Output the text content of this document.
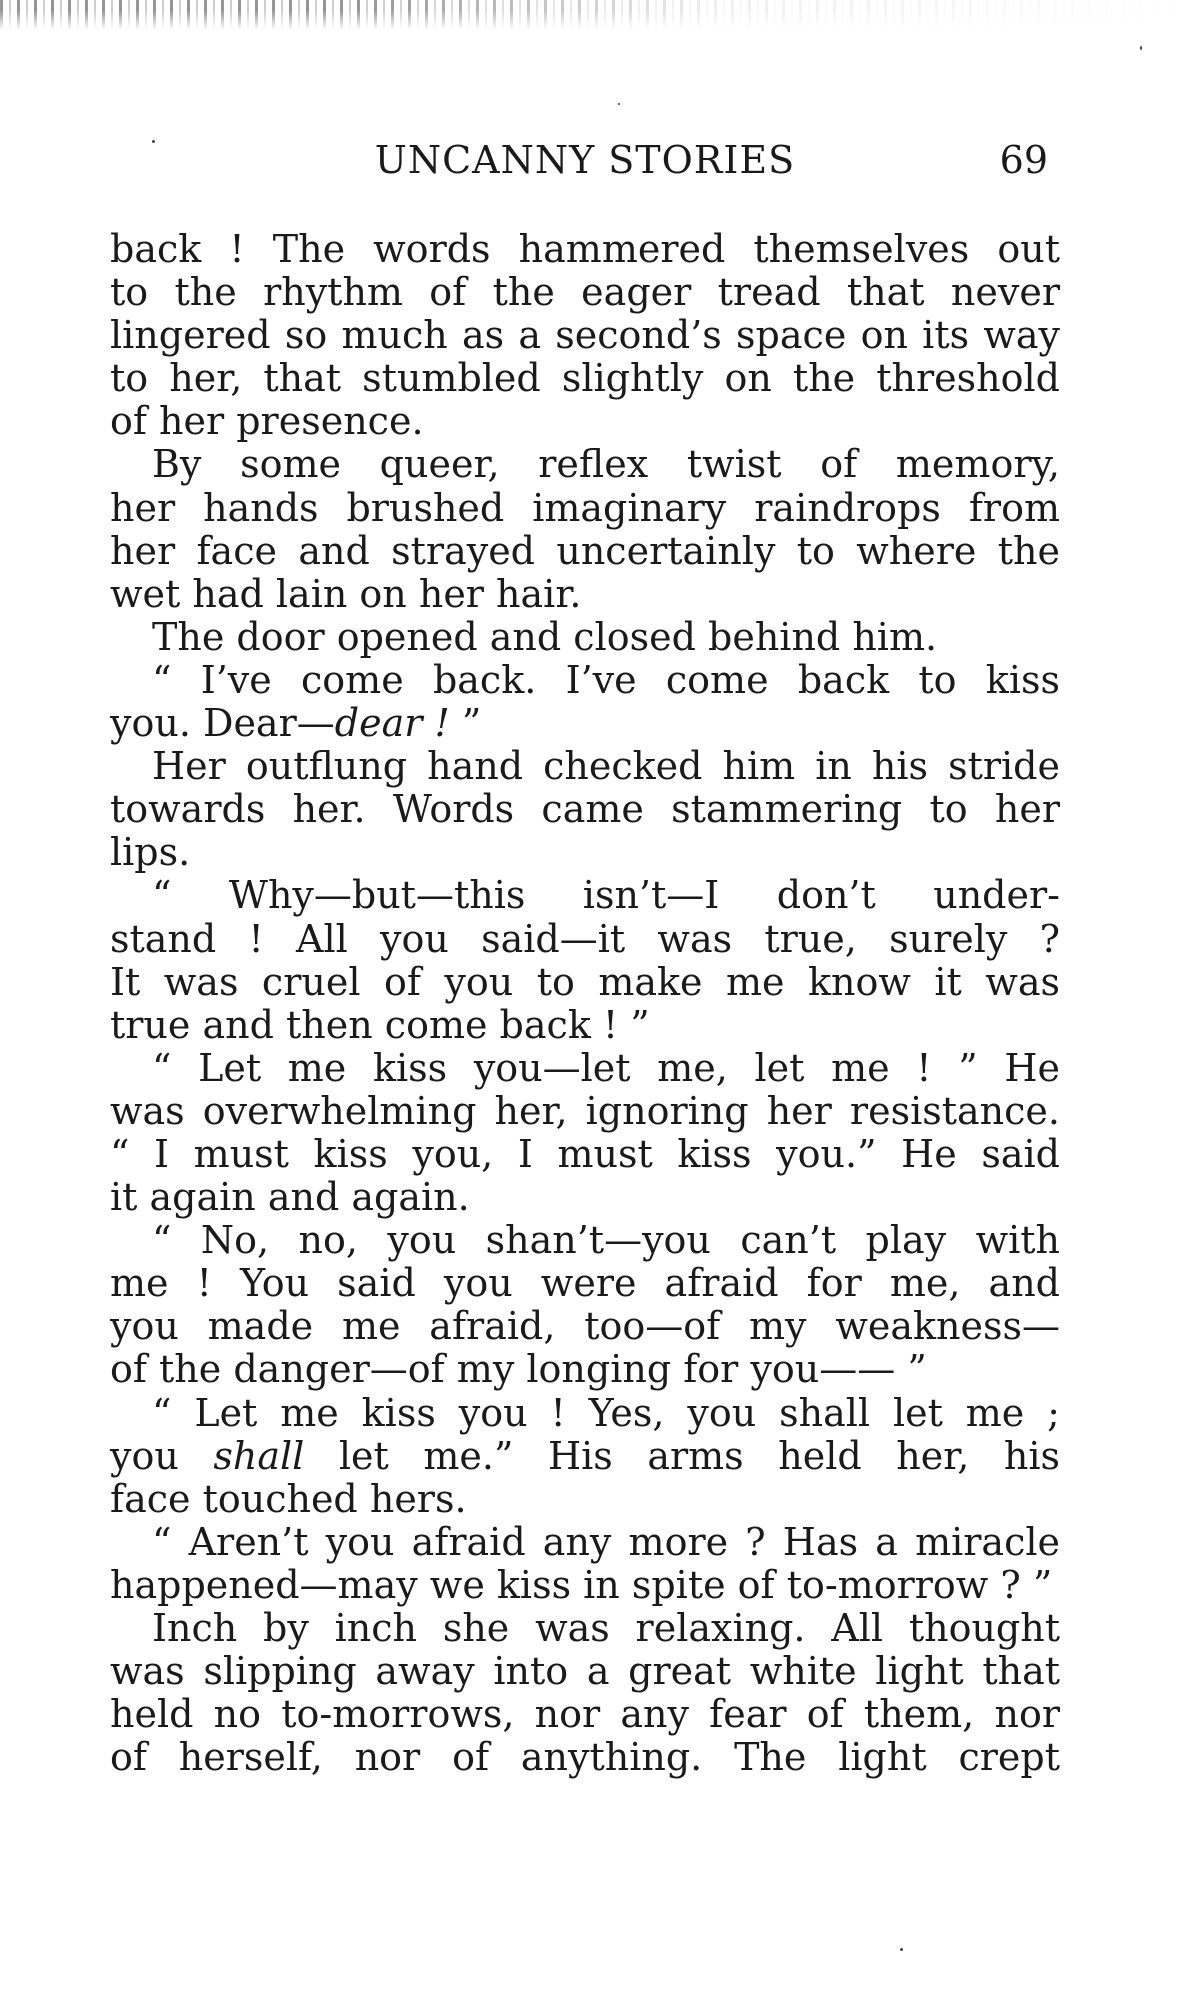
UNCANNY STORIES	69
back ! The words hammered themselves out
to the rhythm of the eager tread that never
lingered so much as a second’s space on its way
to her, that stumbled slightly on the threshold
of her presence.
By some queer, reflex twist of memory,
her hands brushed imaginary raindrops from
her face and strayed uncertainly to where the
wet had lain on her hair.
The door opened and closed behind him.
“ I’ve come back. I’ve come back to kiss
you. Dear—dear ! ”
Her outflung hand checked him in his stride
towards her. Words came stammering to her
lips.
“ Why—but—this isn’t—I don’t under-
stand ! All you said—it was true, surely ?
It was cruel of you to make me know it was
true and then come back ! ”
“ Let me kiss you—let me, let me ! ” He
was overwhelming her, ignoring her resistance.
“ I must kiss you, I must kiss you.” He said
it again and again.
“ No, no, you shan’t—you can’t play with
me ! You said you were afraid for me, and
you made me afraid, too—of my weakness—
of the danger—of my longing for you—— ”
“ Let me kiss you ! Yes, you shall let me ;
you shall let me.” His arms held her, his
face touched hers.
“ Aren’t you afraid any more ? Has a miracle
happened—may we kiss in spite of to-morrow ? ”
Inch by inch she was relaxing. All thought
was slipping away into a great white light that
held no to-morrows, nor any fear of them, nor
of herself, nor of anything. The light crept
